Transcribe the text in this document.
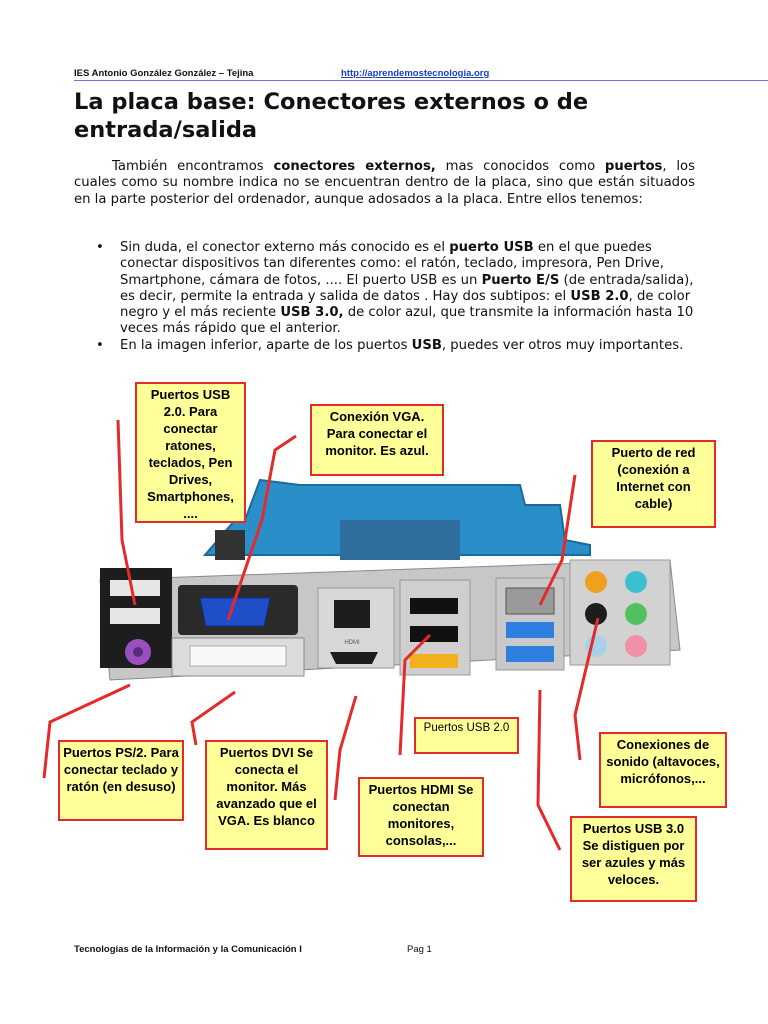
IES Antonio González González – Tejina	http://aprendemostecnologia.org
La placa base: Conectores externos o de entrada/salida

También encontramos conectores externos, mas conocidos como puertos, los cuales como su nombre indica no se encuentran dentro de la placa, sino que están situados en la parte posterior del ordenador, aunque adosados a la placa. Entre ellos tenemos:

• Sin duda, el conector externo más conocido es el puerto USB en el que puedes conectar dispositivos tan diferentes como: el ratón, teclado, impresora, Pen Drive, Smartphone, cámara de fotos, .... El puerto USB es un Puerto E/S (de entrada/salida), es decir, permite la entrada y salida de datos . Hay dos subtipos: el USB 2.0, de color negro y el más reciente USB 3.0, de color azul, que transmite la información hasta 10 veces más rápido que el anterior.
• En la imagen inferior, aparte de los puertos USB, puedes ver otros muy importantes.
HDMI
Puertos USB 2.0. Para conectar ratones, teclados, Pen Drives, Smartphones, ....
Conexión VGA. Para conectar el monitor. Es azul.	Puerto de red (conexión a Internet con cable)
Puertos PS/2. Para conectar teclado y ratón (en desuso)
Puertos DVI Se conecta el monitor. Más avanzado que el VGA. Es blanco
Puertos USB 2.0
Puertos HDMI Se conectan monitores, consolas,...
Conexiones de sonido (altavoces, micrófonos,...
Puertos USB 3.0 Se distiguen por ser azules y más veloces.
Tecnologías de la Información y la Comunicación I	Pag 1
